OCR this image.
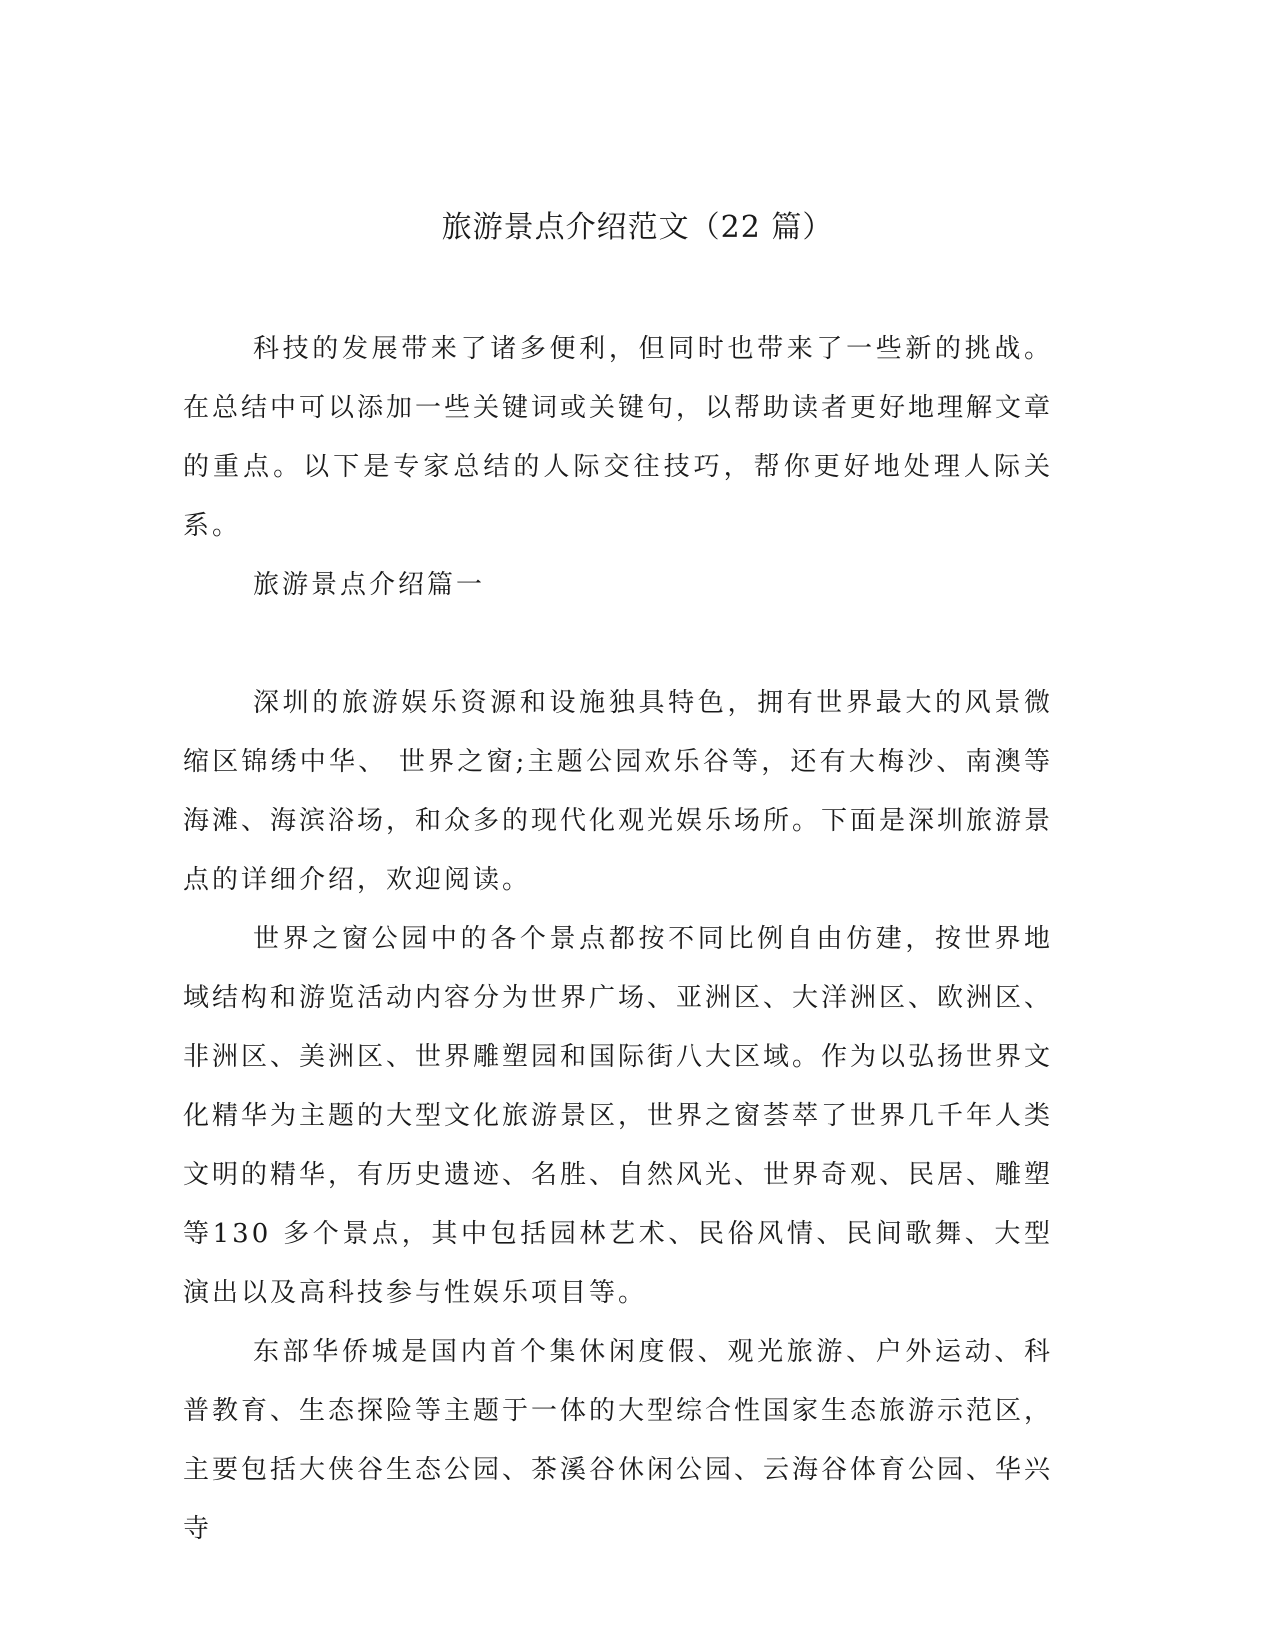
旅游景点介绍范文（22 篇）

科技的发展带来了诸多便利，但同时也带来了一些新的挑战。在总结中可以添加一些关键词或关键句，以帮助读者更好地理解文章的重点。以下是专家总结的人际交往技巧，帮你更好地处理人际关系。

旅游景点介绍篇一

深圳的旅游娱乐资源和设施独具特色，拥有世界最大的风景微缩区锦绣中华、 世界之窗;主题公园欢乐谷等，还有大梅沙、南澳等海滩、海滨浴场，和众多的现代化观光娱乐场所。下面是深圳旅游景点的详细介绍，欢迎阅读。

世界之窗公园中的各个景点都按不同比例自由仿建，按世界地域结构和游览活动内容分为世界广场、亚洲区、大洋洲区、欧洲区、非洲区、美洲区、世界雕塑园和国际街八大区域。作为以弘扬世界文化精华为主题的大型文化旅游景区，世界之窗荟萃了世界几千年人类文明的精华，有历史遗迹、名胜、自然风光、世界奇观、民居、雕塑等130 多个景点，其中包括园林艺术、民俗风情、民间歌舞、大型演出以及高科技参与性娱乐项目等。

东部华侨城是国内首个集休闲度假、观光旅游、户外运动、科普教育、生态探险等主题于一体的大型综合性国家生态旅游示范区，主要包括大侠谷生态公园、茶溪谷休闲公园、云海谷体育公园、华兴寺
